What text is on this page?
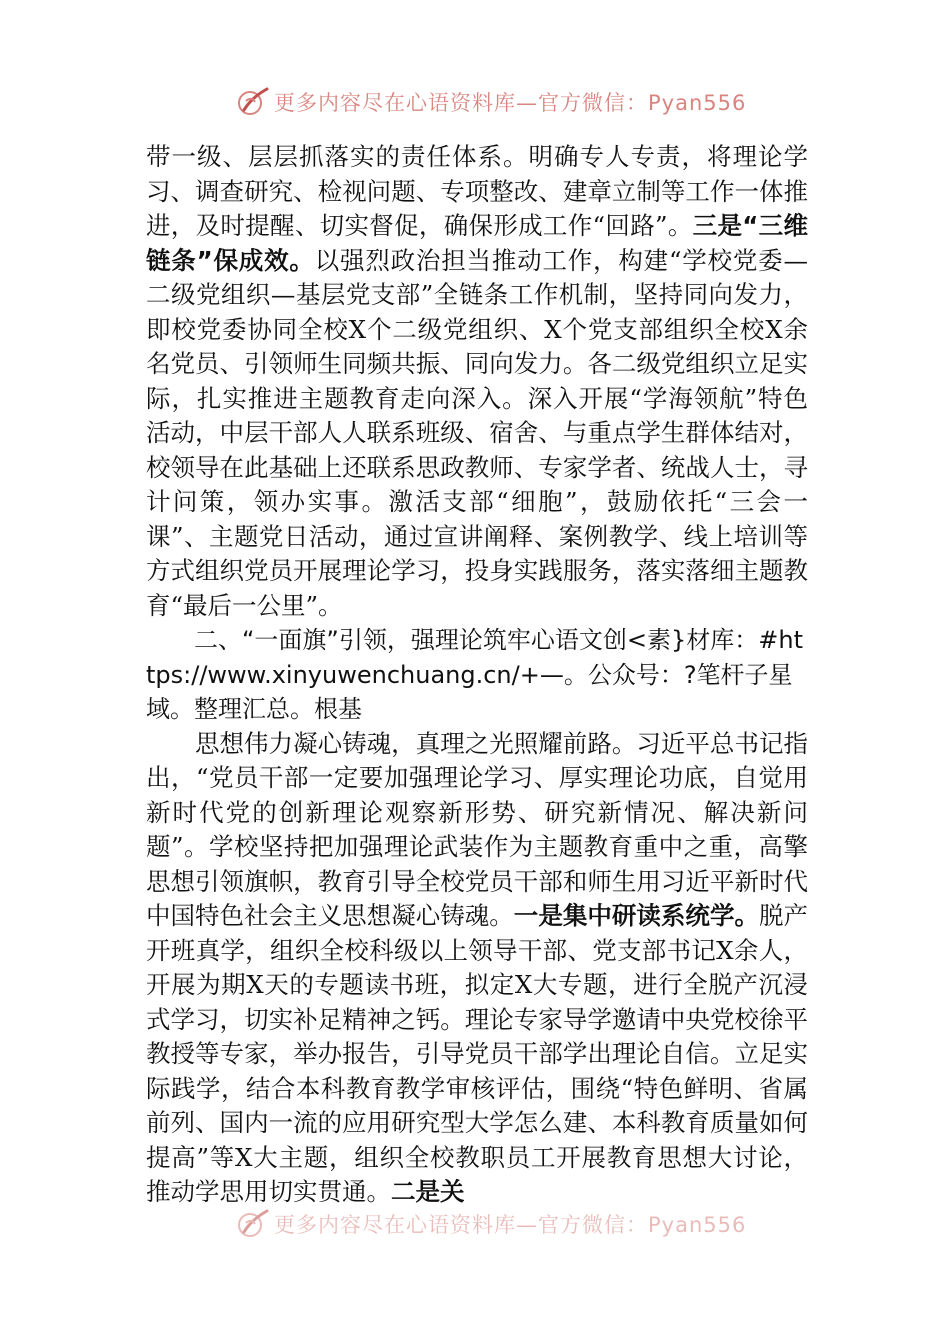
更多内容尽在心语资料库—官方微信：Pyan556

带一级、层层抓落实的责任体系。明确专人专责，将理论学习、调查研究、检视问题、专项整改、建章立制等工作一体推进，及时提醒、切实督促，确保形成工作“回路”。三是“三维链条”保成效。以强烈政治担当推动工作，构建“学校党委—二级党组织—基层党支部”全链条工作机制，坚持同向发力，即校党委协同全校X个二级党组织、X个党支部组织全校X余名党员、引领师生同频共振、同向发力。各二级党组织立足实际，扎实推进主题教育走向深入。深入开展“学海领航”特色活动，中层干部人人联系班级、宿舍、与重点学生群体结对，校领导在此基础上还联系思政教师、专家学者、统战人士，寻计问策，领办实事。激活支部“细胞”，鼓励依托“三会一课”、主题党日活动，通过宣讲阐释、案例教学、线上培训等方式组织党员开展理论学习，投身实践服务，落实落细主题教育“最后一公里”。

二、“一面旗”引领，强理论筑牢心语文创<素}材库：#https://www.xinyuwenchuang.cn/+—。公众号：?笔杆子星域。整理汇总。根基

思想伟力凝心铸魂，真理之光照耀前路。习近平总书记指出，“党员干部一定要加强理论学习、厚实理论功底，自觉用新时代党的创新理论观察新形势、研究新情况、解决新问题”。学校坚持把加强理论武装作为主题教育重中之重，高擎思想引领旗帜，教育引导全校党员干部和师生用习近平新时代中国特色社会主义思想凝心铸魂。一是集中研读系统学。脱产开班真学，组织全校科级以上领导干部、党支部书记X余人，开展为期X天的专题读书班，拟定X大专题，进行全脱产沉浸式学习，切实补足精神之钙。理论专家导学邀请中央党校徐平教授等专家，举办报告，引导党员干部学出理论自信。立足实际践学，结合本科教育教学审核评估，围绕“特色鲜明、省属前列、国内一流的应用研究型大学怎么建、本科教育质量如何提高”等X大主题，组织全校教职员工开展教育思想大讨论，推动学思用切实贯通。二是关

更多内容尽在心语资料库—官方微信：Pyan556
